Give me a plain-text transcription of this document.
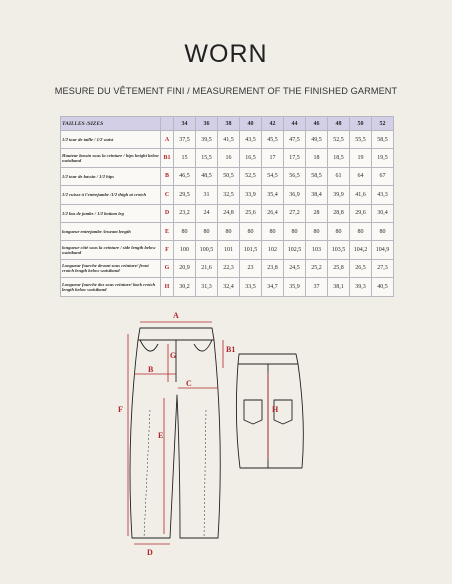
WORN
MESURE DU VÊTEMENT FINI / MEASUREMENT OF THE FINISHED GARMENT
TAILLES /SIZES		34	36	38	40	42	44	46	48	50	52
1/2 tour de taille / 1/2 waist	A	37,5	39,5	41,5	43,5	45,5	47,5	49,5	52,5	55,5	58,5
Hauteur bassin sous la ceinture / hips height below waistband	B1	15	15,5	16	16,5	17	17,5	18	18,5	19	19,5
1/2 tour de bassin / 1/2 hips	B	46,5	48,5	50,5	52,5	54,5	56,5	58,5	61	64	67
1/2 cuisse à l'entrejambe /1/2 thigh at crotch	C	29,5	31	32,5	33,9	35,4	36,9	38,4	39,9	41,6	43,3
1/2 bas de jambe / 1/2 bottom leg	D	23,2	24	24,8	25,6	26,4	27,2	28	28,8	29,6	30,4
longueur entrejambe /inseam length	E	80	80	80	80	80	80	80	80	80	80
longueur côté sous la ceinture / side length below waistband	F	100	100,5	101	101,5	102	102,5	103	103,5	104,2	104,9
Longueur fourche devant sous ceinture/ front crotch length below waistband	G	20,9	21,6	22,3	23	23,8	24,5	25,2	25,8	26,5	27,3
Longueur fourche dos sous ceinture/ back crotch length below waistband	H	30,2	31,3	32,4	33,5	34,7	35,9	37	38,1	39,3	40,5
A
B1
G
B
C
E
F
D
H
